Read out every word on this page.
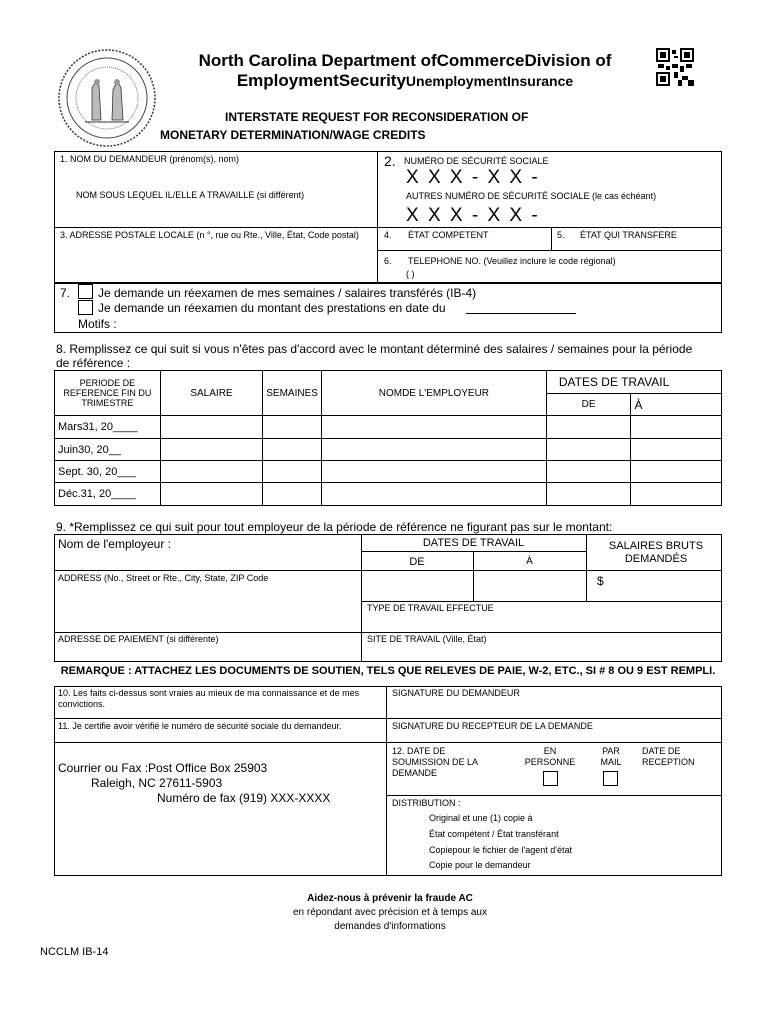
North Carolina Department ofCommerceDivision of
EmploymentSecurityUnemploymentInsurance
INTERSTATE REQUEST FOR RECONSIDERATION OF
MONETARY DETERMINATION/WAGE CREDITS
1. NOM DU DEMANDEUR (prénom(s), nom)
NOM SOUS LEQUEL IL/ELLE A TRAVAILLE (si différent)
2. NUMÉRO DE SÉCURITÉ SOCIALE
X X X - X X -
AUTRES NUMÉRO DE SÉCURITÉ SOCIALE (le cas échéant)
X X X - X X -
3. ADRESSE POSTALE LOCALE (n °, rue ou Rte., Ville, État, Code postal)	4. ÉTAT COMPETENT	5. ÉTAT QUI TRANSFERE
6. TELEPHONE NO. (Veuillez inclure le code régional)
( )
7. Je demande un réexamen de mes semaines / salaires transférés (IB-4)
Je demande un réexamen du montant des prestations en date du
Motifs :
8. Remplissez ce qui suit si vous n'êtes pas d'accord avec le montant déterminé des salaires / semaines pour la période de référence :
PERIODE DE REFERENCE FIN DU TRIMESTRE	SALAIRE	SEMAINES	NOMDE L'EMPLOYEUR	DATES DE TRAVAIL	
				DE	À
Mars31, 20____					
Juin30, 20__					
Sept. 30, 20___					
Déc.31, 20____					
9. *Remplissez ce qui suit pour tout employeur de la période de référence ne figurant pas sur le montant:
Nom de l'employeur :	DATES DE TRAVAIL
DE	À
SALAIRES BRUTS DEMANDÉS
ADDRESS (No., Street or Rte., City, State, ZIP Code	$
TYPE DE TRAVAIL EFFECTUE
ADRESSE DE PAIEMENT (si différente)	SITE DE TRAVAIL (Ville, État)
REMARQUE : ATTACHEZ LES DOCUMENTS DE SOUTIEN, TELS QUE RELEVES DE PAIE, W-2, ETC., SI # 8 OU 9 EST REMPLI.
10. Les faits ci-dessus sont vraies au mieux de ma connaissance et de mes convictions.
SIGNATURE DU DEMANDEUR
11. Je certifie avoir vérifié le numéro de sécurité sociale du demandeur.	SIGNATURE DU RECEPTEUR DE LA DEMANDE
Courrier ou Fax :Post Office Box 25903
Raleigh, NC 27611-5903
Numéro de fax (919) XXX-XXXX
12. DATE DE SOUMISSION DE LA DEMANDE
EN PERSONNE
PAR MAIL
DATE DE RECEPTION
DISTRIBUTION :
Original et une (1) copie à
État compétent / État transférant
Copiepour le fichier de l'agent d'état
Copie pour le demandeur
Aidez-nous à prévenir la fraude AC
en répondant avec précision et à temps aux
demandes d'informations
NCCLM IB-14
